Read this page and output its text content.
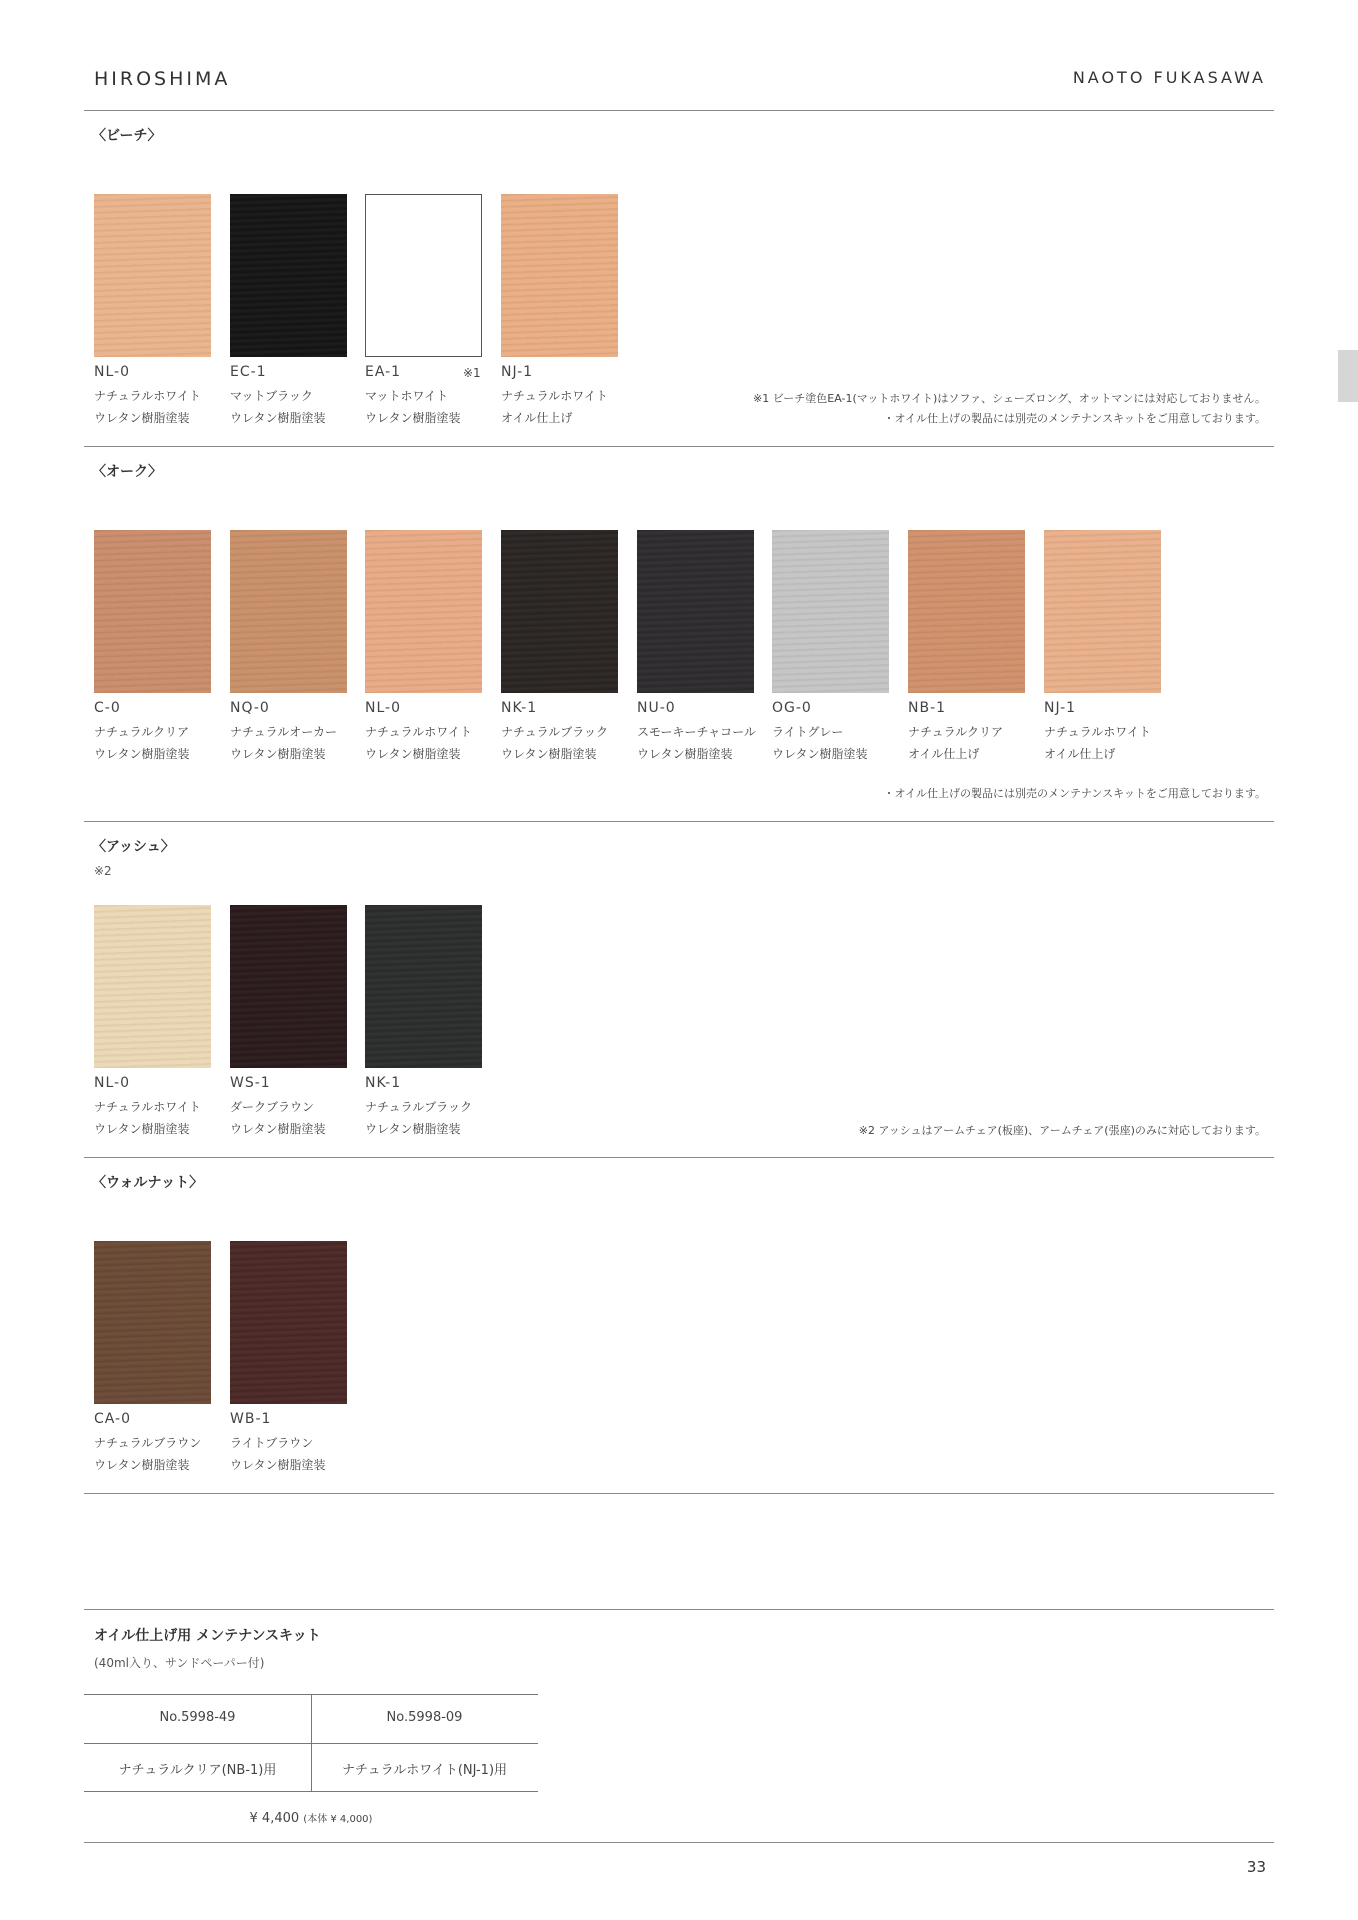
HIROSHIMA	NAOTO FUKASAWA
〈ビーチ〉
NL-0
ナチュラルホワイト
ウレタン樹脂塗装
EC-1
マットブラック
ウレタン樹脂塗装
EA-1	※1
マットホワイト
ウレタン樹脂塗装
NJ-1
ナチュラルホワイト
オイル仕上げ
※1 ビーチ塗色EA-1(マットホワイト)はソファ、シェーズロング、オットマンには対応しておりません。
・オイル仕上げの製品には別売のメンテナンスキットをご用意しております。
〈オーク〉
C-0
ナチュラルクリア
ウレタン樹脂塗装
NQ-0
ナチュラルオーカー
ウレタン樹脂塗装
NL-0
ナチュラルホワイト
ウレタン樹脂塗装
NK-1
ナチュラルブラック
ウレタン樹脂塗装
NU-0
スモーキーチャコール
ウレタン樹脂塗装
OG-0
ライトグレー
ウレタン樹脂塗装
NB-1
ナチュラルクリア
オイル仕上げ
NJ-1
ナチュラルホワイト
オイル仕上げ
・オイル仕上げの製品には別売のメンテナンスキットをご用意しております。
〈アッシュ〉
※2
NL-0
ナチュラルホワイト
ウレタン樹脂塗装
WS-1
ダークブラウン
ウレタン樹脂塗装
NK-1
ナチュラルブラック
ウレタン樹脂塗装	※2 アッシュはアームチェア(板座)、アームチェア(張座)のみに対応しております。
〈ウォルナット〉
CA-0
ナチュラルブラウン
ウレタン樹脂塗装
WB-1
ライトブラウン
ウレタン樹脂塗装
オイル仕上げ用 メンテナンスキット
(40ml入り、サンドペーパー付)
No.5998-49	No.5998-09
ナチュラルクリア(NB-1)用	ナチュラルホワイト(NJ-1)用
¥ 4,400 (本体 ¥ 4,000)
33
